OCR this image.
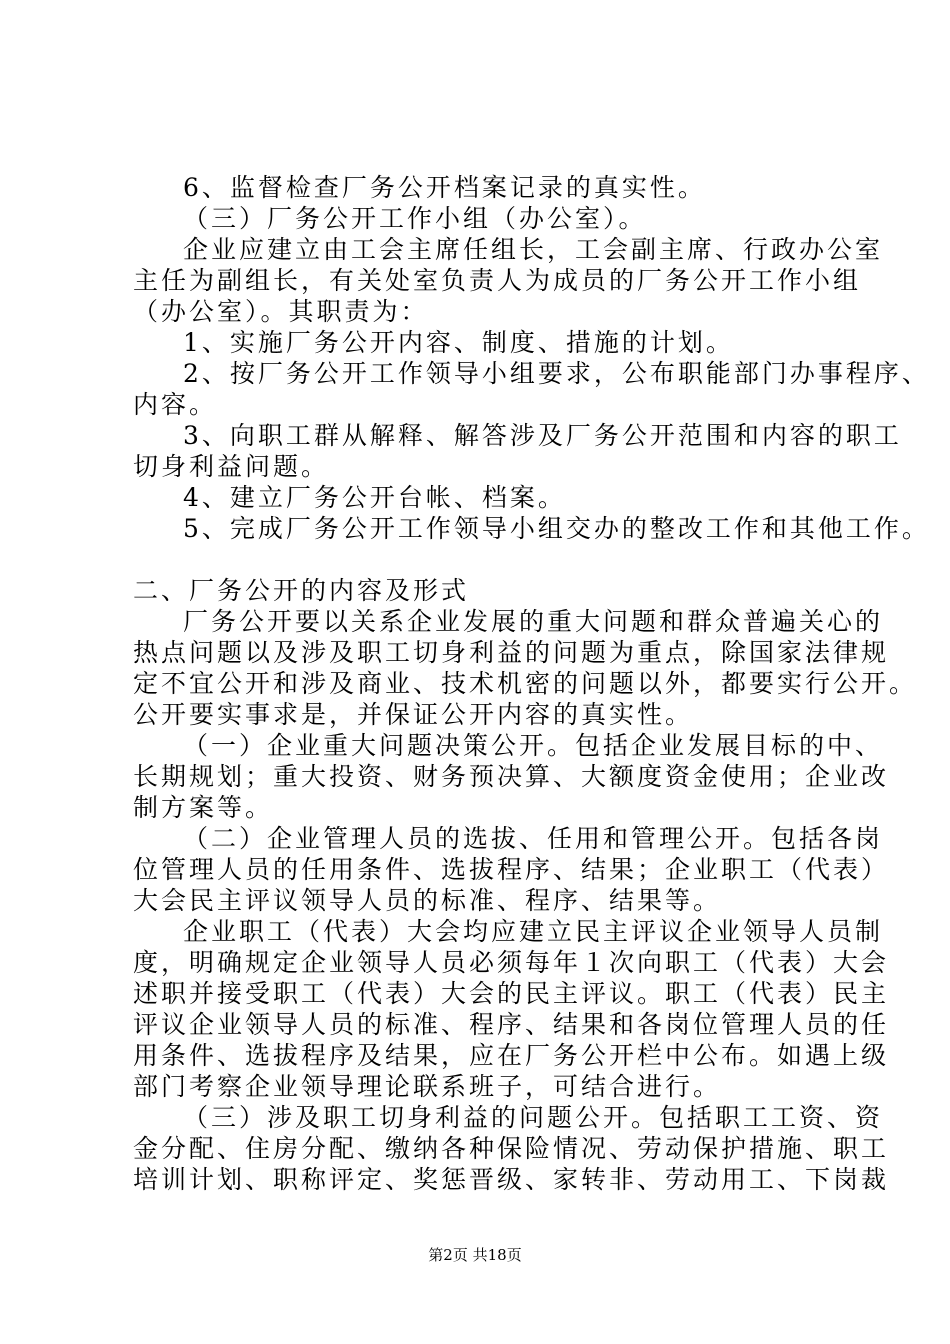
6、监督检查厂务公开档案记录的真实性。
（三）厂务公开工作小组（办公室）。
企业应建立由工会主席任组长，工会副主席、行政办公室
主任为副组长，有关处室负责人为成员的厂务公开工作小组
（办公室）。其职责为：
1、实施厂务公开内容、制度、措施的计划。
2、按厂务公开工作领导小组要求，公布职能部门办事程序、
内容。
3、向职工群从解释、解答涉及厂务公开范围和内容的职工
切身利益问题。
4、建立厂务公开台帐、档案。
5、完成厂务公开工作领导小组交办的整改工作和其他工作。
二、厂务公开的内容及形式
厂务公开要以关系企业发展的重大问题和群众普遍关心的
热点问题以及涉及职工切身利益的问题为重点，除国家法律规
定不宜公开和涉及商业、技术机密的问题以外，都要实行公开。
公开要实事求是，并保证公开内容的真实性。
（一）企业重大问题决策公开。包括企业发展目标的中、
长期规划；重大投资、财务预决算、大额度资金使用；企业改
制方案等。
（二）企业管理人员的选拔、任用和管理公开。包括各岗
位管理人员的任用条件、选拔程序、结果；企业职工（代表）
大会民主评议领导人员的标准、程序、结果等。
企业职工（代表）大会均应建立民主评议企业领导人员制
度，明确规定企业领导人员必须每年１次向职工（代表）大会
述职并接受职工（代表）大会的民主评议。职工（代表）民主
评议企业领导人员的标准、程序、结果和各岗位管理人员的任
用条件、选拔程序及结果，应在厂务公开栏中公布。如遇上级
部门考察企业领导理论联系班子，可结合进行。
（三）涉及职工切身利益的问题公开。包括职工工资、资
金分配、住房分配、缴纳各种保险情况、劳动保护措施、职工
培训计划、职称评定、奖惩晋级、家转非、劳动用工、下岗裁
第2页 共18页
